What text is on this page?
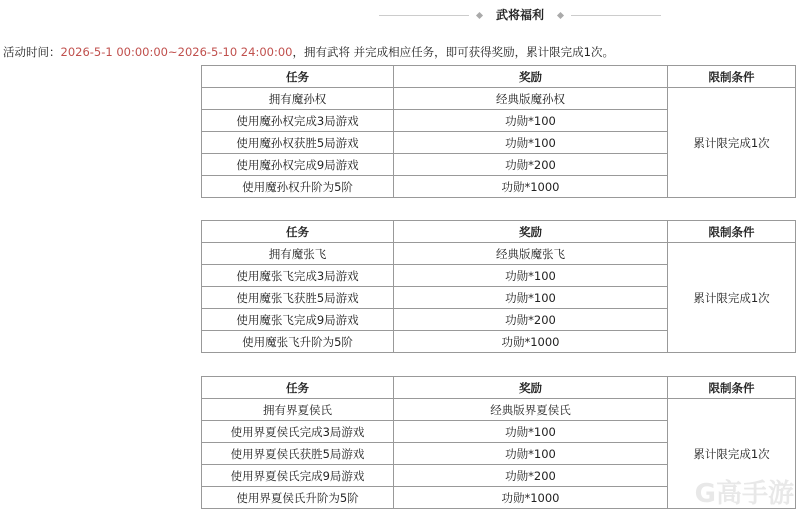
武将福利
活动时间：2026-5-1 00:00:00~2026-5-10 24:00:00，拥有武将 并完成相应任务，即可获得奖励，累计限完成1次。
任务	奖励	限制条件
拥有魔孙权	经典版魔孙权	累计限完成1次
使用魔孙权完成3局游戏	功勋*100	
使用魔孙权获胜5局游戏	功勋*100	
使用魔孙权完成9局游戏	功勋*200	
使用魔孙权升阶为5阶	功勋*1000	
任务	奖励	限制条件
拥有魔张飞	经典版魔张飞	累计限完成1次
使用魔张飞完成3局游戏	功勋*100	
使用魔张飞获胜5局游戏	功勋*100	
使用魔张飞完成9局游戏	功勋*200	
使用魔张飞升阶为5阶	功勋*1000	
任务	奖励	限制条件
拥有界夏侯氏	经典版界夏侯氏	累计限完成1次
使用界夏侯氏完成3局游戏	功勋*100	
使用界夏侯氏获胜5局游戏	功勋*100	
使用界夏侯氏完成9局游戏	功勋*200	
使用界夏侯氏升阶为5阶	功勋*1000		G高手游
